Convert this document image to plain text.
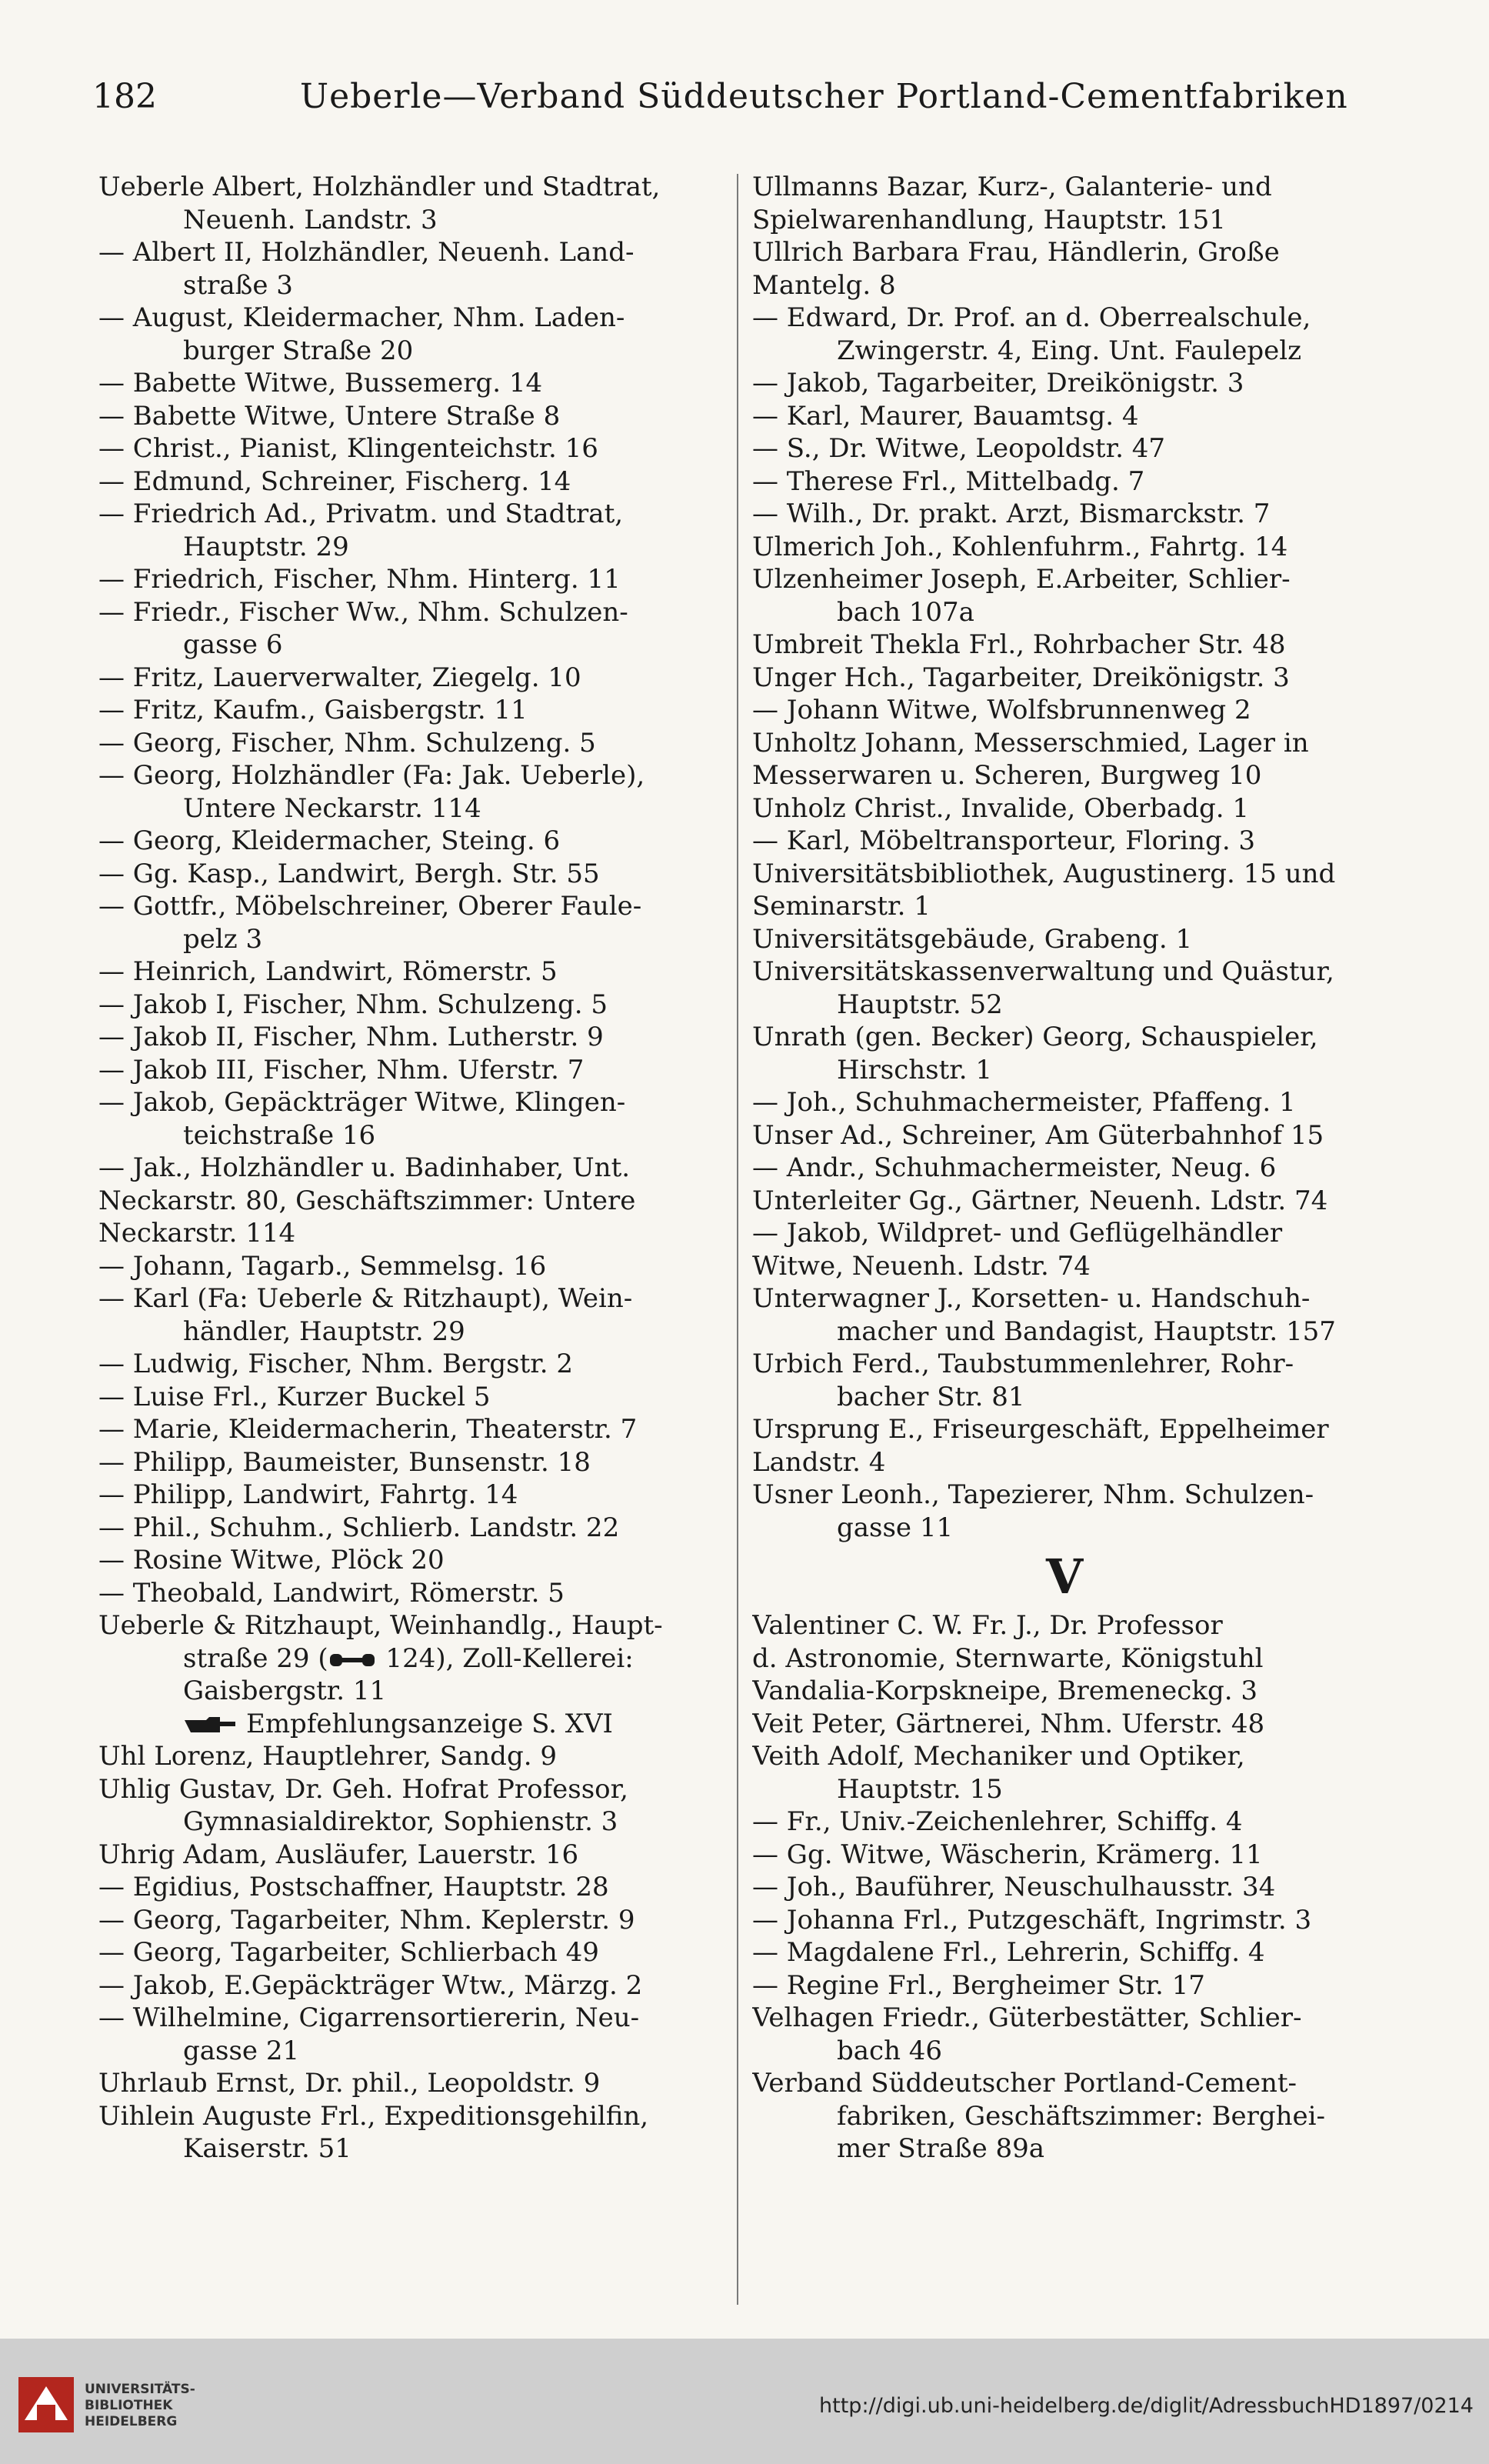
182	Ueberle—Verband Süddeutscher Portland-Cementfabriken
Ueberle Albert, Holzhändler und Stadtrat,
Neuenh. Landstr. 3
— Albert II, Holzhändler, Neuenh. Land-
straße 3
— August, Kleidermacher, Nhm. Laden-
burger Straße 20
— Babette Witwe, Bussemerg. 14
— Babette Witwe, Untere Straße 8
— Christ., Pianist, Klingenteichstr. 16
— Edmund, Schreiner, Fischerg. 14
— Friedrich Ad., Privatm. und Stadtrat,
Hauptstr. 29
— Friedrich, Fischer, Nhm. Hinterg. 11
— Friedr., Fischer Ww., Nhm. Schulzen-
gasse 6
— Fritz, Lauerverwalter, Ziegelg. 10
— Fritz, Kaufm., Gaisbergstr. 11
— Georg, Fischer, Nhm. Schulzeng. 5
— Georg, Holzhändler (Fa: Jak. Ueberle),
Untere Neckarstr. 114
— Georg, Kleidermacher, Steing. 6
— Gg. Kasp., Landwirt, Bergh. Str. 55
— Gottfr., Möbelschreiner, Oberer Faule-
pelz 3
— Heinrich, Landwirt, Römerstr. 5
— Jakob I, Fischer, Nhm. Schulzeng. 5
— Jakob II, Fischer, Nhm. Lutherstr. 9
— Jakob III, Fischer, Nhm. Uferstr. 7
— Jakob, Gepäckträger Witwe, Klingen-
teichstraße 16
— Jak., Holzhändler u. Badinhaber, Unt.
Neckarstr. 80, Geschäftszimmer: Untere
Neckarstr. 114
— Johann, Tagarb., Semmelsg. 16
— Karl (Fa: Ueberle & Ritzhaupt), Wein-
händler, Hauptstr. 29
— Ludwig, Fischer, Nhm. Bergstr. 2
— Luise Frl., Kurzer Buckel 5
— Marie, Kleidermacherin, Theaterstr. 7
— Philipp, Baumeister, Bunsenstr. 18
— Philipp, Landwirt, Fahrtg. 14
— Phil., Schuhm., Schlierb. Landstr. 22
— Rosine Witwe, Plöck 20
— Theobald, Landwirt, Römerstr. 5
Ueberle & Ritzhaupt, Weinhandlg., Haupt-
straße 29 ( 124), Zoll-Kellerei:
Gaisbergstr. 11
Empfehlungsanzeige S. XVI
Uhl Lorenz, Hauptlehrer, Sandg. 9
Uhlig Gustav, Dr. Geh. Hofrat Professor,
Gymnasialdirektor, Sophienstr. 3
Uhrig Adam, Ausläufer, Lauerstr. 16
— Egidius, Postschaffner, Hauptstr. 28
— Georg, Tagarbeiter, Nhm. Keplerstr. 9
— Georg, Tagarbeiter, Schlierbach 49
— Jakob, E.Gepäckträger Wtw., Märzg. 2
— Wilhelmine, Cigarrensortiererin, Neu-
gasse 21
Uhrlaub Ernst, Dr. phil., Leopoldstr. 9
Uihlein Auguste Frl., Expeditionsgehilfin,
Kaiserstr. 51
Ullmanns Bazar, Kurz-, Galanterie- und
Spielwarenhandlung, Hauptstr. 151
Ullrich Barbara Frau, Händlerin, Große
Mantelg. 8
— Edward, Dr. Prof. an d. Oberrealschule,
Zwingerstr. 4, Eing. Unt. Faulepelz
— Jakob, Tagarbeiter, Dreikönigstr. 3
— Karl, Maurer, Bauamtsg. 4
— S., Dr. Witwe, Leopoldstr. 47
— Therese Frl., Mittelbadg. 7
— Wilh., Dr. prakt. Arzt, Bismarckstr. 7
Ulmerich Joh., Kohlenfuhrm., Fahrtg. 14
Ulzenheimer Joseph, E.Arbeiter, Schlier-
bach 107a
Umbreit Thekla Frl., Rohrbacher Str. 48
Unger Hch., Tagarbeiter, Dreikönigstr. 3
— Johann Witwe, Wolfsbrunnenweg 2
Unholtz Johann, Messerschmied, Lager in
Messerwaren u. Scheren, Burgweg 10
Unholz Christ., Invalide, Oberbadg. 1
— Karl, Möbeltransporteur, Floring. 3
Universitätsbibliothek, Augustinerg. 15 und
Seminarstr. 1
Universitätsgebäude, Grabeng. 1
Universitätskassenverwaltung und Quästur,
Hauptstr. 52
Unrath (gen. Becker) Georg, Schauspieler,
Hirschstr. 1
— Joh., Schuhmachermeister, Pfaffeng. 1
Unser Ad., Schreiner, Am Güterbahnhof 15
— Andr., Schuhmachermeister, Neug. 6
Unterleiter Gg., Gärtner, Neuenh. Ldstr. 74
— Jakob, Wildpret- und Geflügelhändler
Witwe, Neuenh. Ldstr. 74
Unterwagner J., Korsetten- u. Handschuh-
macher und Bandagist, Hauptstr. 157
Urbich Ferd., Taubstummenlehrer, Rohr-
bacher Str. 81
Ursprung E., Friseurgeschäft, Eppelheimer
Landstr. 4
Usner Leonh., Tapezierer, Nhm. Schulzen-
gasse 11
V
Valentiner C. W. Fr. J., Dr. Professor
d. Astronomie, Sternwarte, Königstuhl
Vandalia-Korpskneipe, Bremeneckg. 3
Veit Peter, Gärtnerei, Nhm. Uferstr. 48
Veith Adolf, Mechaniker und Optiker,
Hauptstr. 15
— Fr., Univ.-Zeichenlehrer, Schiffg. 4
— Gg. Witwe, Wäscherin, Krämerg. 11
— Joh., Bauführer, Neuschulhausstr. 34
— Johanna Frl., Putzgeschäft, Ingrimstr. 3
— Magdalene Frl., Lehrerin, Schiffg. 4
— Regine Frl., Bergheimer Str. 17
Velhagen Friedr., Güterbestätter, Schlier-
bach 46
Verband Süddeutscher Portland-Cement-
fabriken, Geschäftszimmer: Berghei-
mer Straße 89a
UNIVERSITÄTS-
BIBLIOTHEK
HEIDELBERG
http://digi.ub.uni-heidelberg.de/diglit/AdressbuchHD1897/0214
